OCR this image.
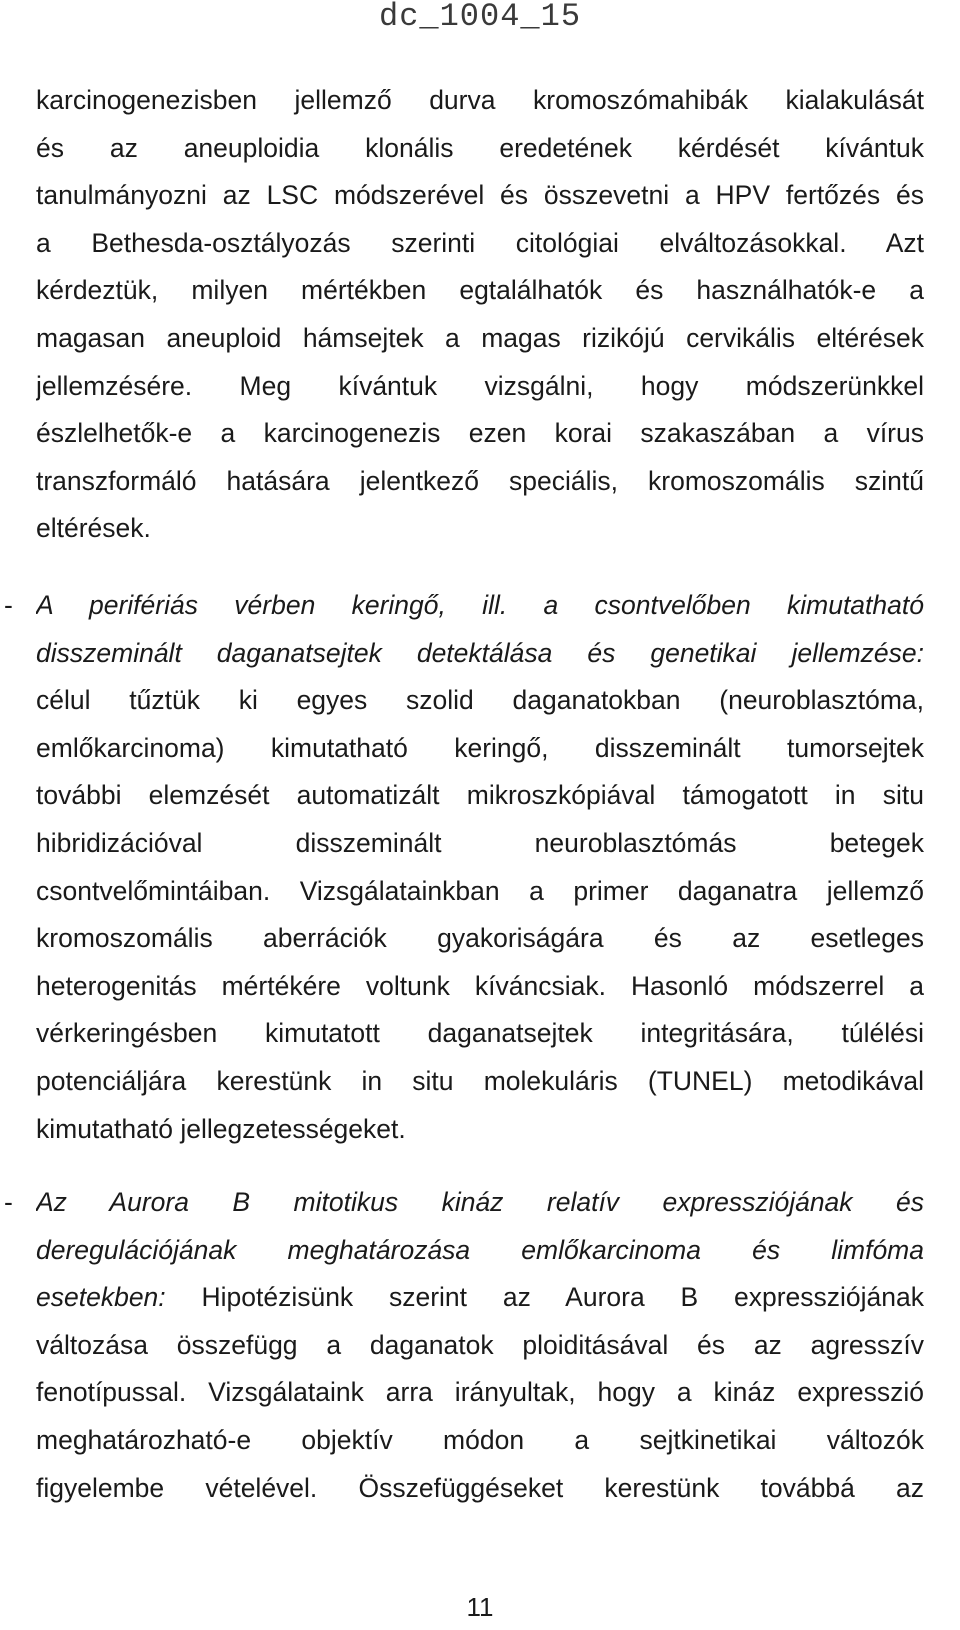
dc_1004_15
karcinogenezisben jellemző durva kromoszómahibák kialakulását
és az aneuploidia klonális eredetének kérdését kívántuk
tanulmányozni az LSC módszerével és összevetni a HPV fertőzés és
a Bethesda-osztályozás szerinti citológiai elváltozásokkal. Azt
kérdeztük, milyen mértékben egtalálhatók és használhatók-e a
magasan aneuploid hámsejtek a magas rizikójú cervikális eltérések
jellemzésére. Meg kívántuk vizsgálni, hogy módszerünkkel
észlelhetők-e a karcinogenezis ezen korai szakaszában a vírus
transzformáló hatására jelentkező speciális, kromoszomális szintű
eltérések.
- A perifériás vérben keringő, ill. a csontvelőben kimutatható
disszeminált daganatsejtek detektálása és genetikai jellemzése:
célul tűztük ki egyes szolid daganatokban (neuroblasztóma,
emlőkarcinoma) kimutatható keringő, disszeminált tumorsejtek
további elemzését automatizált mikroszkópiával támogatott in situ
hibridizációval disszeminált neuroblasztómás betegek
csontvelőmintáiban. Vizsgálatainkban a primer daganatra jellemző
kromoszomális aberrációk gyakoriságára és az esetleges
heterogenitás mértékére voltunk kíváncsiak. Hasonló módszerrel a
vérkeringésben kimutatott daganatsejtek integritására, túlélési
potenciáljára kerestünk in situ molekuláris (TUNEL) metodikával
kimutatható jellegzetességeket.
- Az Aurora B mitotikus kináz relatív expressziójának és
deregulációjának meghatározása emlőkarcinoma és limfóma
esetekben: Hipotézisünk szerint az Aurora B expressziójának
változása összefügg a daganatok ploiditásával és az agresszív
fenotípussal. Vizsgálataink arra irányultak, hogy a kináz expresszió
meghatározható-e objektív módon a sejtkinetikai változók
figyelembe vételével. Összefüggéseket kerestünk továbbá az
11
